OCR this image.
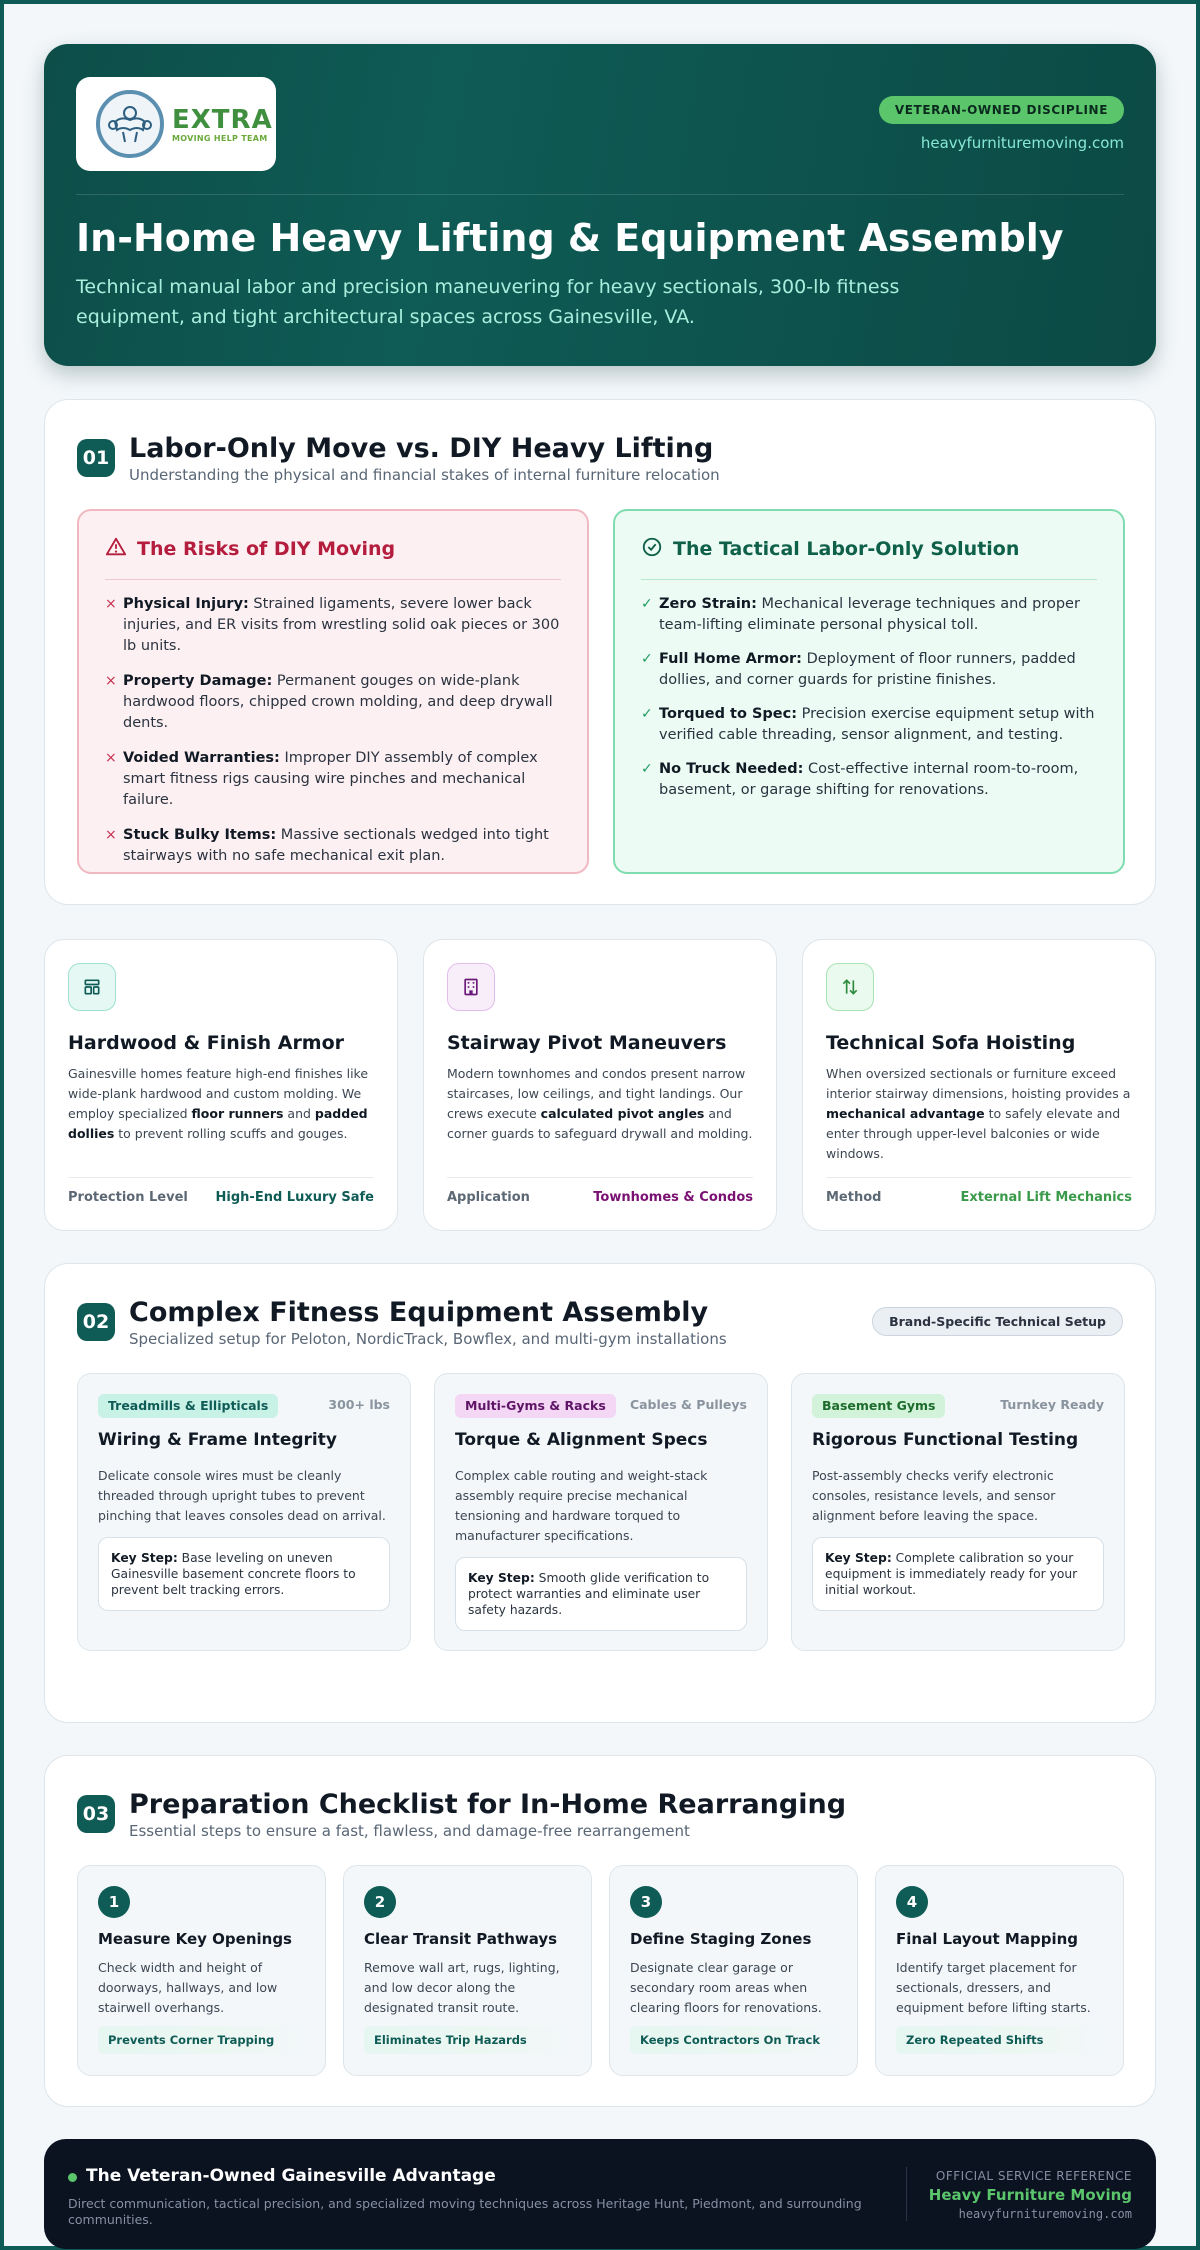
EXTRA
MOVING HELP TEAM
VETERAN-OWNED DISCIPLINE
heavyfurnituremoving.com
In-Home Heavy Lifting & Equipment Assembly

Technical manual labor and precision maneuvering for heavy sectionals, 300-lb fitness equipment, and tight architectural spaces across Gainesville, VA.

01 Labor-Only Move vs. DIY Heavy Lifting
Understanding the physical and financial stakes of internal furniture relocation
The Risks of DIY Moving
× Physical Injury: Strained ligaments, severe lower back injuries, and ER visits from wrestling solid oak pieces or 300 lb units.
× Property Damage: Permanent gouges on wide-plank hardwood floors, chipped crown molding, and deep drywall dents.
× Voided Warranties: Improper DIY assembly of complex smart fitness rigs causing wire pinches and mechanical failure.
× Stuck Bulky Items: Massive sectionals wedged into tight stairways with no safe mechanical exit plan.
The Tactical Labor-Only Solution
✓ Zero Strain: Mechanical leverage techniques and proper team-lifting eliminate personal physical toll.
✓ Full Home Armor: Deployment of floor runners, padded dollies, and corner guards for pristine finishes.
✓ Torqued to Spec: Precision exercise equipment setup with verified cable threading, sensor alignment, and testing.
✓ No Truck Needed: Cost-effective internal room-to-room, basement, or garage shifting for renovations.
Hardwood & Finish Armor
Gainesville homes feature high-end finishes like wide-plank hardwood and custom molding. We employ specialized floor runners and padded dollies to prevent rolling scuffs and gouges.
Protection Level High-End Luxury Safe
Stairway Pivot Maneuvers
Modern townhomes and condos present narrow staircases, low ceilings, and tight landings. Our crews execute calculated pivot angles and corner guards to safeguard drywall and molding.
Application	Townhomes & Condos
Technical Sofa Hoisting
When oversized sectionals or furniture exceed interior stairway dimensions, hoisting provides a mechanical advantage to safely elevate and enter through upper-level balconies or wide windows.
Method	External Lift Mechanics
02 Complex Fitness Equipment Assembly
Specialized setup for Peloton, NordicTrack, Bowflex, and multi-gym installations
Brand-Specific Technical Setup
Treadmills & Ellipticals	300+ lbs
Wiring & Frame Integrity
Delicate console wires must be cleanly threaded through upright tubes to prevent pinching that leaves consoles dead on arrival.
Key Step: Base leveling on uneven Gainesville basement concrete floors to prevent belt tracking errors.
Multi-Gyms & Racks	Cables & Pulleys
Torque & Alignment Specs
Complex cable routing and weight-stack assembly require precise mechanical tensioning and hardware torqued to manufacturer specifications.
Key Step: Smooth glide verification to protect warranties and eliminate user safety hazards.
Basement Gyms	Turnkey Ready
Rigorous Functional Testing
Post-assembly checks verify electronic consoles, resistance levels, and sensor alignment before leaving the space.
Key Step: Complete calibration so your equipment is immediately ready for your initial workout.
03 Preparation Checklist for In-Home Rearranging
Essential steps to ensure a fast, flawless, and damage-free rearrangement
1
Measure Key Openings
Check width and height of doorways, hallways, and low stairwell overhangs.
Prevents Corner Trapping
2
Clear Transit Pathways
Remove wall art, rugs, lighting, and low decor along the designated transit route.
Eliminates Trip Hazards
3
Define Staging Zones
Designate clear garage or secondary room areas when clearing floors for renovations.
Keeps Contractors On Track
4
Final Layout Mapping
Identify target placement for sectionals, dressers, and equipment before lifting starts.
Zero Repeated Shifts
The Veteran-Owned Gainesville Advantage
Direct communication, tactical precision, and specialized moving techniques across Heritage Hunt, Piedmont, and surrounding communities.
OFFICIAL SERVICE REFERENCE
Heavy Furniture Moving
heavyfurnituremoving.com
